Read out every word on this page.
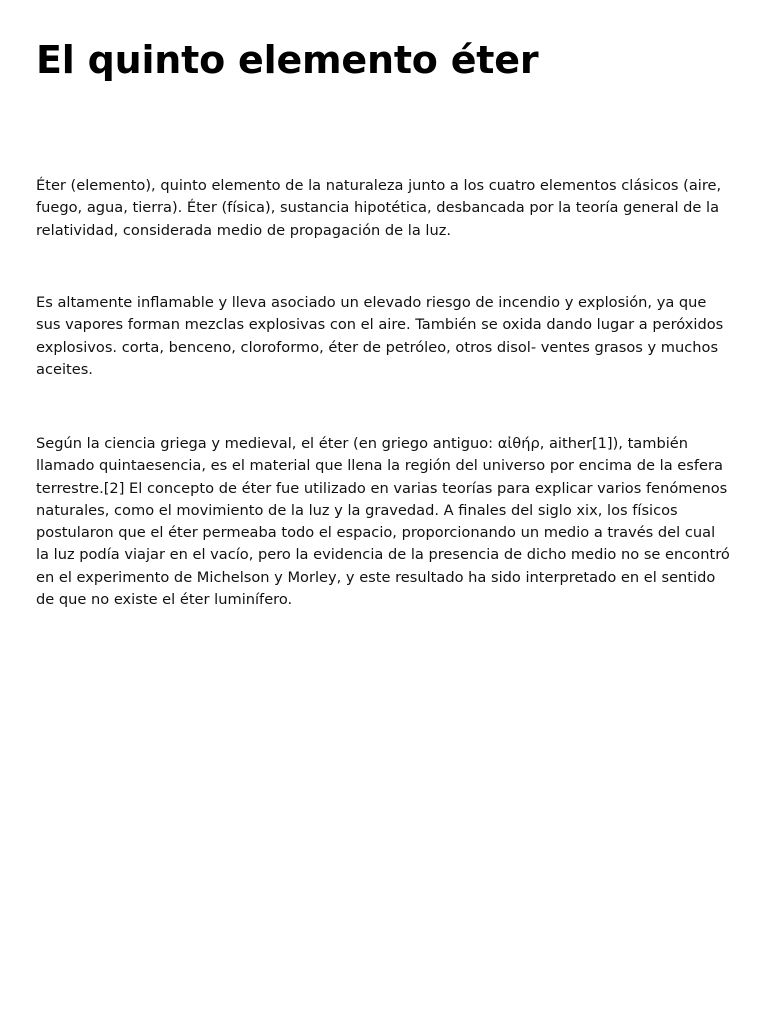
El quinto elemento éter

Éter (elemento), quinto elemento de la naturaleza junto a los cuatro elementos clásicos (aire, fuego, agua, tierra). Éter (física), sustancia hipotética, desbancada por la teoría general de la relatividad, considerada medio de propagación de la luz.

Es altamente inflamable y lleva asociado un elevado riesgo de incendio y explosión, ya que sus vapores forman mezclas explosivas con el aire. También se oxida dando lugar a peróxidos explosivos. corta, benceno, cloroformo, éter de petróleo, otros disol- ventes grasos y muchos aceites.

Según la ciencia griega y medieval, el éter (en griego antiguo: αἰθήρ, aither[1]), también llamado quintaesencia, es el material que llena la región del universo por encima de la esfera terrestre.[2] El concepto de éter fue utilizado en varias teorías para explicar varios fenómenos naturales, como el movimiento de la luz y la gravedad. A finales del siglo xix, los físicos postularon que el éter permeaba todo el espacio, proporcionando un medio a través del cual la luz podía viajar en el vacío, pero la evidencia de la presencia de dicho medio no se encontró en el experimento de Michelson y Morley, y este resultado ha sido interpretado en el sentido de que no existe el éter luminífero.
